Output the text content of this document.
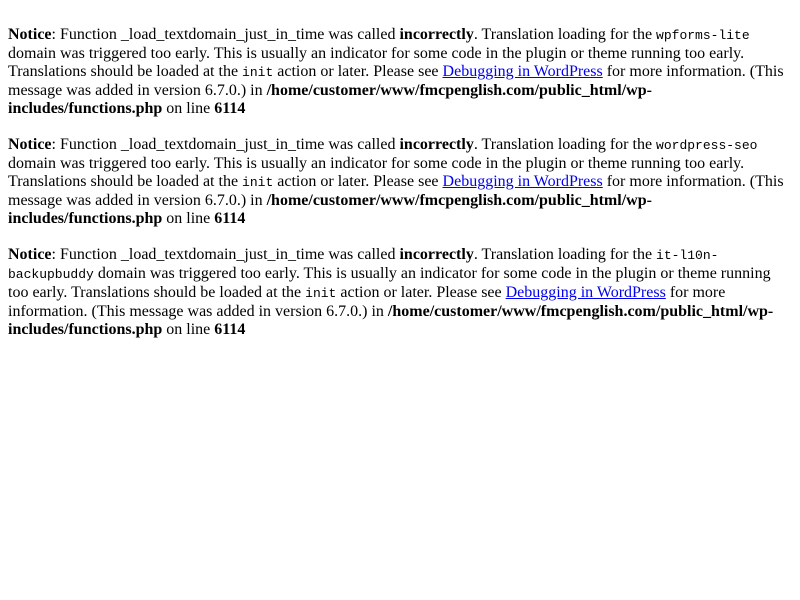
Notice: Function _load_textdomain_just_in_time was called incorrectly. Translation loading for the wpforms-lite domain was triggered too early. This is usually an indicator for some code in the plugin or theme running too early. Translations should be loaded at the init action or later. Please see Debugging in WordPress for more information. (This message was added in version 6.7.0.) in /home/customer/www/fmcpenglish.com/public_html/wp-includes/functions.php on line 6114

Notice: Function _load_textdomain_just_in_time was called incorrectly. Translation loading for the wordpress-seo domain was triggered too early. This is usually an indicator for some code in the plugin or theme running too early. Translations should be loaded at the init action or later. Please see Debugging in WordPress for more information. (This message was added in version 6.7.0.) in /home/customer/www/fmcpenglish.com/public_html/wp-includes/functions.php on line 6114

Notice: Function _load_textdomain_just_in_time was called incorrectly. Translation loading for the it-l10n-backupbuddy domain was triggered too early. This is usually an indicator for some code in the plugin or theme running too early. Translations should be loaded at the init action or later. Please see Debugging in WordPress for more information. (This message was added in version 6.7.0.) in /home/customer/www/fmcpenglish.com/public_html/wp-includes/functions.php on line 6114
